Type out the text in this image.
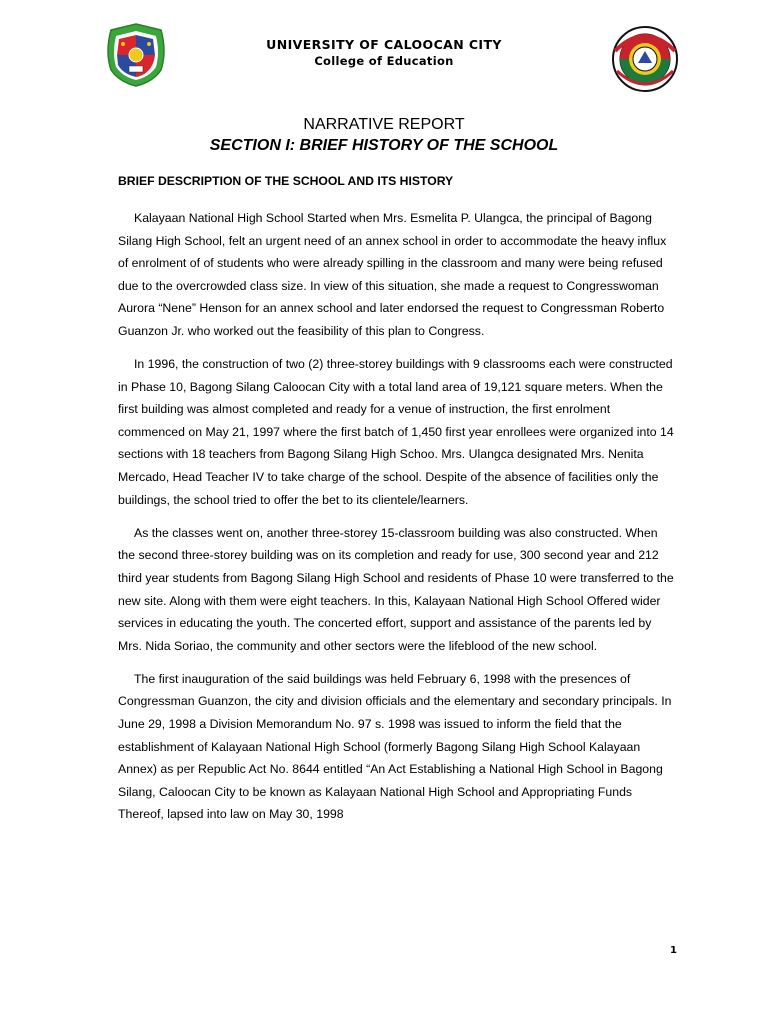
UNIVERSITY OF CALOOCAN CITY
College of Education
NARRATIVE REPORT
SECTION I: BRIEF HISTORY OF THE SCHOOL
BRIEF DESCRIPTION OF THE SCHOOL AND ITS HISTORY

Kalayaan National High School Started when Mrs. Esmelita P. Ulangca, the principal of Bagong Silang High School, felt an urgent need of an annex school in order to accommodate the heavy influx of enrolment of of students who were already spilling in the classroom and many were being refused due to the overcrowded class size. In view of this situation, she made a request to Congresswoman Aurora “Nene” Henson for an annex school and later endorsed the request to Congressman Roberto Guanzon Jr. who worked out the feasibility of this plan to Congress.

In 1996, the construction of two (2) three-storey buildings with 9 classrooms each were constructed in Phase 10, Bagong Silang Caloocan City with a total land area of 19,121 square meters. When the first building was almost completed and ready for a venue of instruction, the first enrolment commenced on May 21, 1997 where the first batch of 1,450 first year enrollees were organized into 14 sections with 18 teachers from Bagong Silang High Schoo. Mrs. Ulangca designated Mrs. Nenita Mercado, Head Teacher IV to take charge of the school. Despite of the absence of facilities only the buildings, the school tried to offer the bet to its clientele/learners.

As the classes went on, another three-storey 15-classroom building was also constructed. When the second three-storey building was on its completion and ready for use, 300 second year and 212 third year students from Bagong Silang High School and residents of Phase 10 were transferred to the new site. Along with them were eight teachers. In this, Kalayaan National High School Offered wider services in educating the youth. The concerted effort, support and assistance of the parents led by Mrs. Nida Soriao, the community and other sectors were the lifeblood of the new school.

The first inauguration of the said buildings was held February 6, 1998 with the presences of Congressman Guanzon, the city and division officials and the elementary and secondary principals. In June 29, 1998 a Division Memorandum No. 97 s. 1998 was issued to inform the field that the establishment of Kalayaan National High School (formerly Bagong Silang High School Kalayaan Annex) as per Republic Act No. 8644 entitled “An Act Establishing a National High School in Bagong Silang, Caloocan City to be known as Kalayaan National High School and Appropriating Funds Thereof, lapsed into law on May 30, 1998

1
